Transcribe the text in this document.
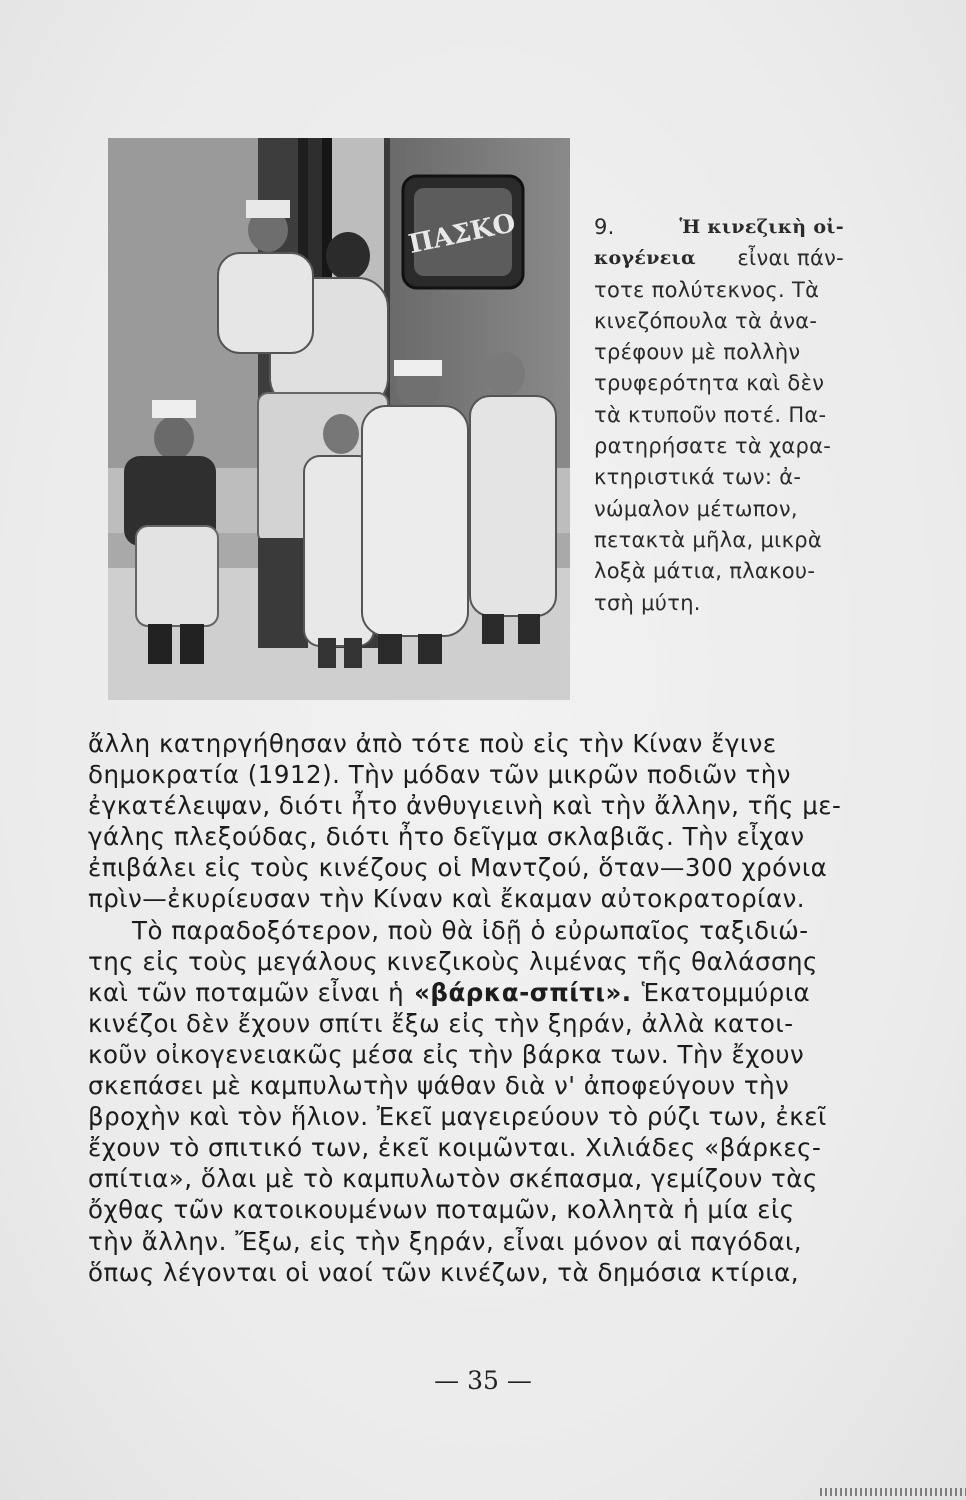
ΠΑΣΚΟ	9.	Ἡ κινεζικὴ οἰ-
κογένεια εἶναι πάν-
τοτε πολύτεκνος. Τὰ
κινεζόπουλα τὰ ἀνα-
τρέφουν μὲ πολλὴν
τρυφερότητα καὶ δὲν
τὰ κτυποῦν ποτέ. Πα-
ρατηρήσατε τὰ χαρα-
κτηριστικά των: ἀ-
νώμαλον μέτωπον,
πετακτὰ μῆλα, μικρὰ
λοξὰ μάτια, πλακου-
τσὴ μύτη.
ἄλλη κατηργήθησαν ἀπὸ τότε ποὺ εἰς τὴν Κίναν ἔγινε
δημοκρατία (1912). Τὴν μόδαν τῶν μικρῶν ποδιῶν τὴν
ἐγκατέλειψαν, διότι ἦτο ἀνθυγιεινὴ καὶ τὴν ἄλλην, τῆς με-
γάλης πλεξούδας, διότι ἦτο δεῖγμα σκλαβιᾶς. Τὴν εἶχαν
ἐπιβάλει εἰς τοὺς κινέζους οἱ Μαντζού, ὅταν—300 χρόνια
πρὶν—ἐκυρίευσαν τὴν Κίναν καὶ ἔκαμαν αὐτοκρατορίαν.
Τὸ παραδοξότερον, ποὺ θὰ ἰδῇ ὁ εὐρωπαῖος ταξιδιώ-
της εἰς τοὺς μεγάλους κινεζικοὺς λιμένας τῆς θαλάσσης
καὶ τῶν ποταμῶν εἶναι ἡ «βάρκα-σπίτι». Ἑκατομμύρια
κινέζοι δὲν ἔχουν σπίτι ἔξω εἰς τὴν ξηράν, ἀλλὰ κατοι-
κοῦν οἰκογενειακῶς μέσα εἰς τὴν βάρκα των. Τὴν ἔχουν
σκεπάσει μὲ καμπυλωτὴν ψάθαν διὰ ν' ἀποφεύγουν τὴν
βροχὴν καὶ τὸν ἥλιον. Ἐκεῖ μαγειρεύουν τὸ ρύζι των, ἐκεῖ
ἔχουν τὸ σπιτικό των, ἐκεῖ κοιμῶνται. Χιλιάδες «βάρκες-
σπίτια», ὅλαι μὲ τὸ καμπυλωτὸν σκέπασμα, γεμίζουν τὰς
ὄχθας τῶν κατοικουμένων ποταμῶν, κολλητὰ ἡ μία εἰς
τὴν ἄλλην. Ἔξω, εἰς τὴν ξηράν, εἶναι μόνον αἱ παγόδαι,
ὅπως λέγονται οἱ ναοί τῶν κινέζων, τὰ δημόσια κτίρια,
— 35 —
